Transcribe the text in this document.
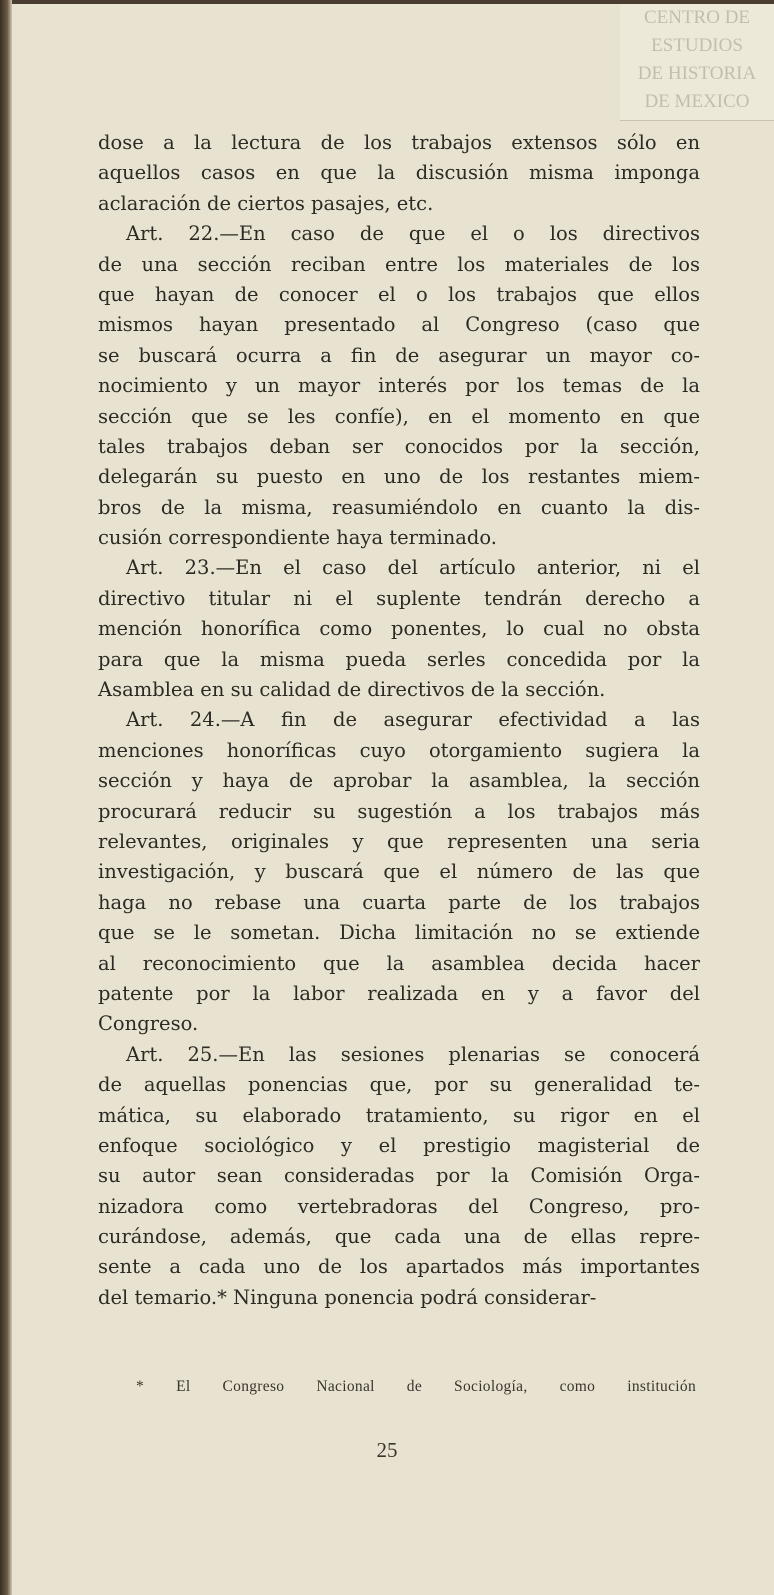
CENTRO DE
ESTUDIOS
DE HISTORIA
DE MEXICO
dose a la lectura de los trabajos extensos sólo en
aquellos casos en que la discusión misma imponga
aclaración de ciertos pasajes, etc.
Art. 22.—En caso de que el o los directivos
de una sección reciban entre los materiales de los
que hayan de conocer el o los trabajos que ellos
mismos hayan presentado al Congreso (caso que
se buscará ocurra a fin de asegurar un mayor co-
nocimiento y un mayor interés por los temas de la
sección que se les confíe), en el momento en que
tales trabajos deban ser conocidos por la sección,
delegarán su puesto en uno de los restantes miem-
bros de la misma, reasumiéndolo en cuanto la dis-
cusión correspondiente haya terminado.
Art. 23.—En el caso del artículo anterior, ni el
directivo titular ni el suplente tendrán derecho a
mención honorífica como ponentes, lo cual no obsta
para que la misma pueda serles concedida por la
Asamblea en su calidad de directivos de la sección.
Art. 24.—A fin de asegurar efectividad a las
menciones honoríficas cuyo otorgamiento sugiera la
sección y haya de aprobar la asamblea, la sección
procurará reducir su sugestión a los trabajos más
relevantes, originales y que representen una seria
investigación, y buscará que el número de las que
haga no rebase una cuarta parte de los trabajos
que se le sometan. Dicha limitación no se extiende
al reconocimiento que la asamblea decida hacer
patente por la labor realizada en y a favor del
Congreso.
Art. 25.—En las sesiones plenarias se conocerá
de aquellas ponencias que, por su generalidad te-
mática, su elaborado tratamiento, su rigor en el
enfoque sociológico y el prestigio magisterial de
su autor sean consideradas por la Comisión Orga-
nizadora como vertebradoras del Congreso, pro-
curándose, además, que cada una de ellas repre-
sente a cada uno de los apartados más importantes
del temario.* Ninguna ponencia podrá considerar-
* El Congreso Nacional de Sociología, como institución
25
